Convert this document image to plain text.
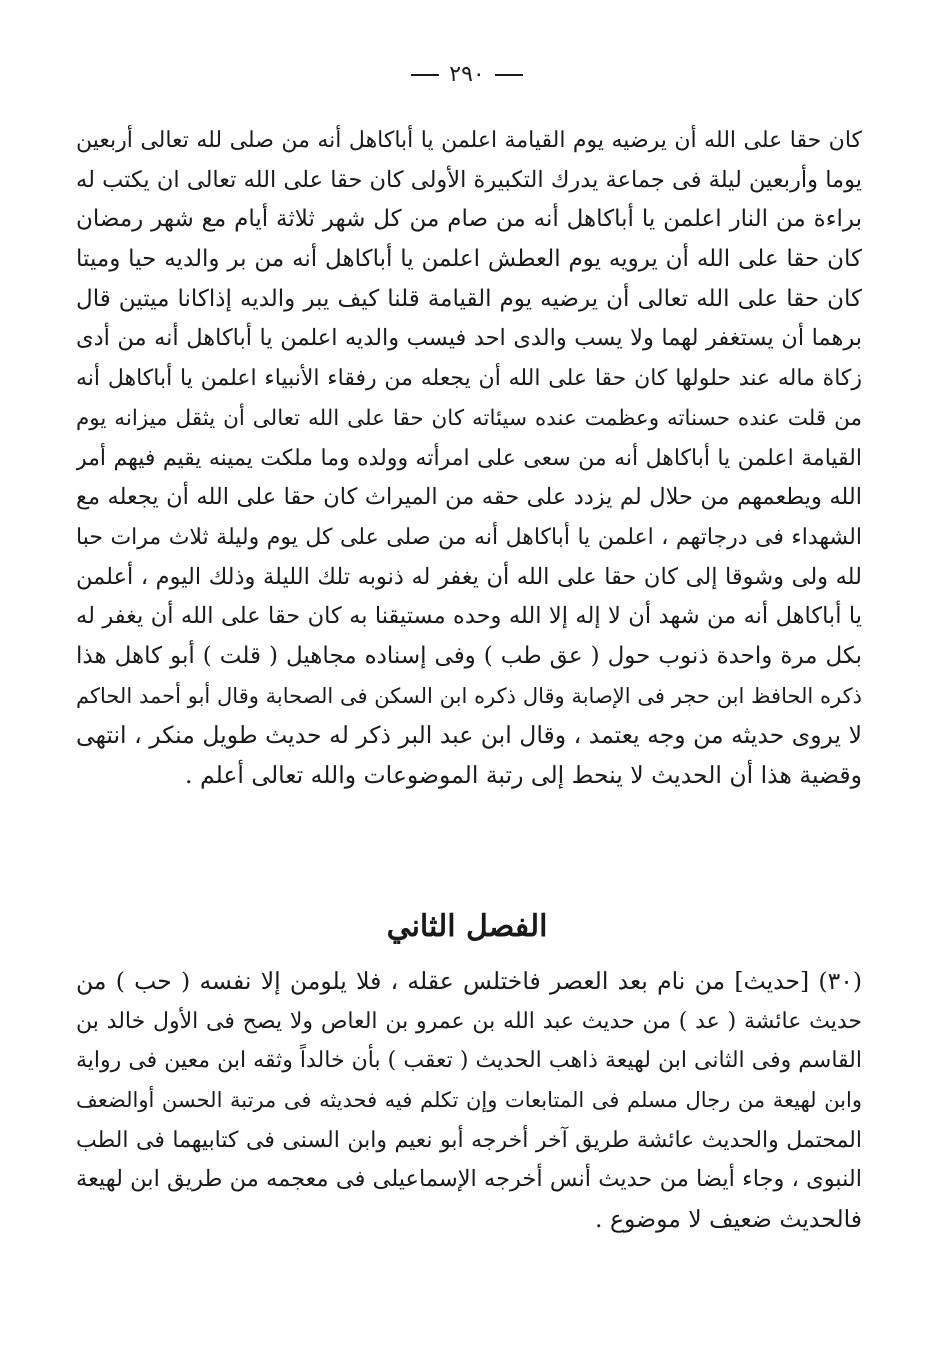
٢٩٠
كان حقا على الله أن يرضيه يوم القيامة اعلمن يا أباكاهل أنه من صلى لله تعالى أربعين
يوما وأربعين ليلة فى جماعة يدرك التكبيرة الأولى كان حقا على الله تعالى ان يكتب له
براءة من النار اعلمن يا أباكاهل أنه من صام من كل شهر ثلاثة أيام مع شهر رمضان
كان حقا على الله أن يرويه يوم العطش اعلمن يا أباكاهل أنه من بر والديه حيا وميتا
كان حقا على الله تعالى أن يرضيه يوم القيامة قلنا كيف يبر والديه إذاكانا ميتين قال
برهما أن يستغفر لهما ولا يسب والدى احد فيسب والديه اعلمن يا أباكاهل أنه من أدى
زكاة ماله عند حلولها كان حقا على الله أن يجعله من رفقاء الأنبياء اعلمن يا أباكاهل أنه
من قلت عنده حسناته وعظمت عنده سيئاته كان حقا على الله تعالى أن يثقل ميزانه يوم
القيامة اعلمن يا أباكاهل أنه من سعى على امرأته وولده وما ملكت يمينه يقيم فيهم أمر
الله ويطعمهم من حلال لم يزدد على حقه من الميراث كان حقا على الله أن يجعله مع
الشهداء فى درجاتهم ، اعلمن يا أباكاهل أنه من صلى على كل يوم وليلة ثلاث مرات حبا
لله ولى وشوقا إلى كان حقا على الله أن يغفر له ذنوبه تلك الليلة وذلك اليوم ، أعلمن
يا أباكاهل أنه من شهد أن لا إله إلا الله وحده مستيقنا به كان حقا على الله أن يغفر له
بكل مرة واحدة ذنوب حول ( عق طب ) وفى إسناده مجاهيل ( قلت ) أبو كاهل هذا
ذكره الحافظ ابن حجر فى الإصابة وقال ذكره ابن السكن فى الصحابة وقال أبو أحمد الحاكم
لا يروى حديثه من وجه يعتمد ، وقال ابن عبد البر ذكر له حديث طويل منكر ، انتهى
وقضية هذا أن الحديث لا ينحط إلى رتبة الموضوعات والله تعالى أعلم .
الفصل الثاني
(٣٠) [حديث] من نام بعد العصر فاختلس عقله ، فلا يلومن إلا نفسه ( حب ) من
حديث عائشة ( عد ) من حديث عبد الله بن عمرو بن العاص ولا يصح فى الأول خالد بن
القاسم وفى الثانى ابن لهيعة ذاهب الحديث ( تعقب ) بأن خالداً وثقه ابن معين فى رواية
وابن لهيعة من رجال مسلم فى المتابعات وإن تكلم فيه فحديثه فى مرتبة الحسن أوالضعف
المحتمل والحديث عائشة طريق آخر أخرجه أبو نعيم وابن السنى فى كتابيهما فى الطب
النبوى ، وجاء أيضا من حديث أنس أخرجه الإسماعيلى فى معجمه من طريق ابن لهيعة
فالحديث ضعيف لا موضوع .
